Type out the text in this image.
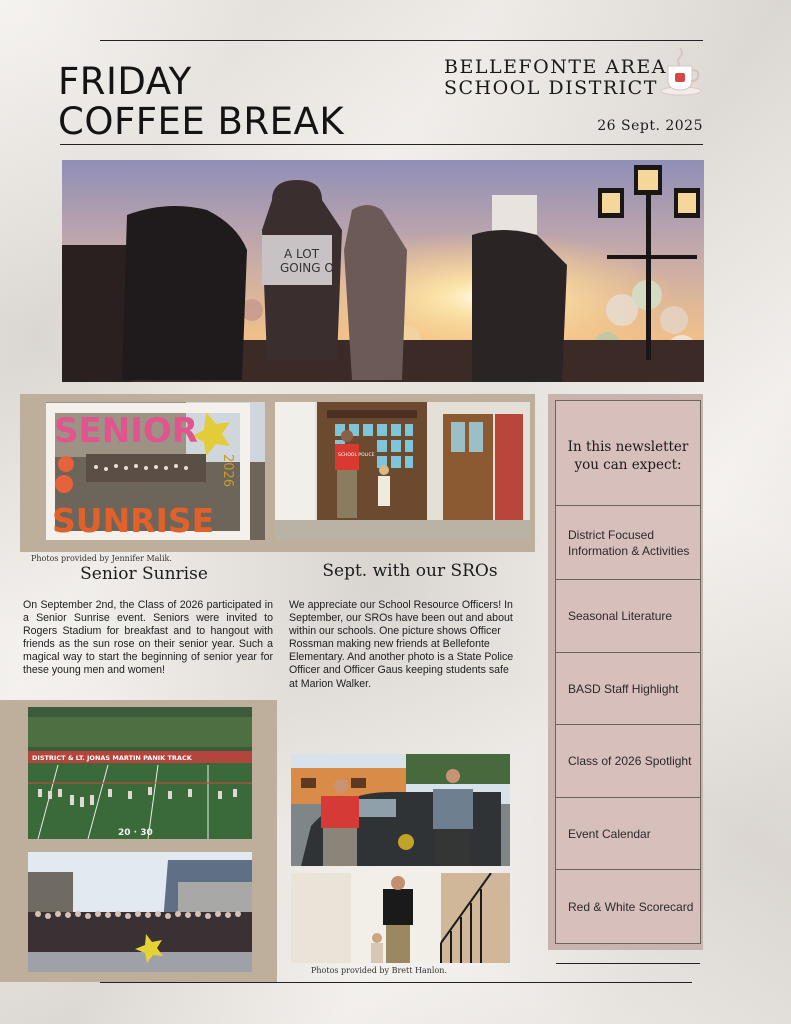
FRIDAY
COFFEE BREAK
BELLEFONTE AREA
SCHOOL DISTRICT
26 Sept. 2025
A LOT
GOING O
SENIOR
SUNRISE
2026	SCHOOL POLICE
Photos provided by Jennifer Malik.
Senior Sunrise	Sept. with our SROs
On September 2nd, the Class of 2026 participated in a Senior Sunrise event. Seniors were invited to Rogers Stadium for breakfast and to hangout with friends as the sun rose on their senior year. Such a magical way to start the beginning of senior year for these young men and women!
We appreciate our School Resource Officers! In September, our SROs have been out and about within our schools. One picture shows Officer Rossman making new friends at Bellefonte Elementary. And another photo is a State Police Officer and Officer Gaus keeping students safe at Marion Walker.
DISTRICT & LT. JONAS MARTIN PANIK TRACK
20 · 30
Photos provided by Brett Hanlon.
In this newsletter you can expect:
District Focused Information & Activities
Seasonal Literature
BASD Staff Highlight
Class of 2026 Spotlight
Event Calendar
Red & White Scorecard
